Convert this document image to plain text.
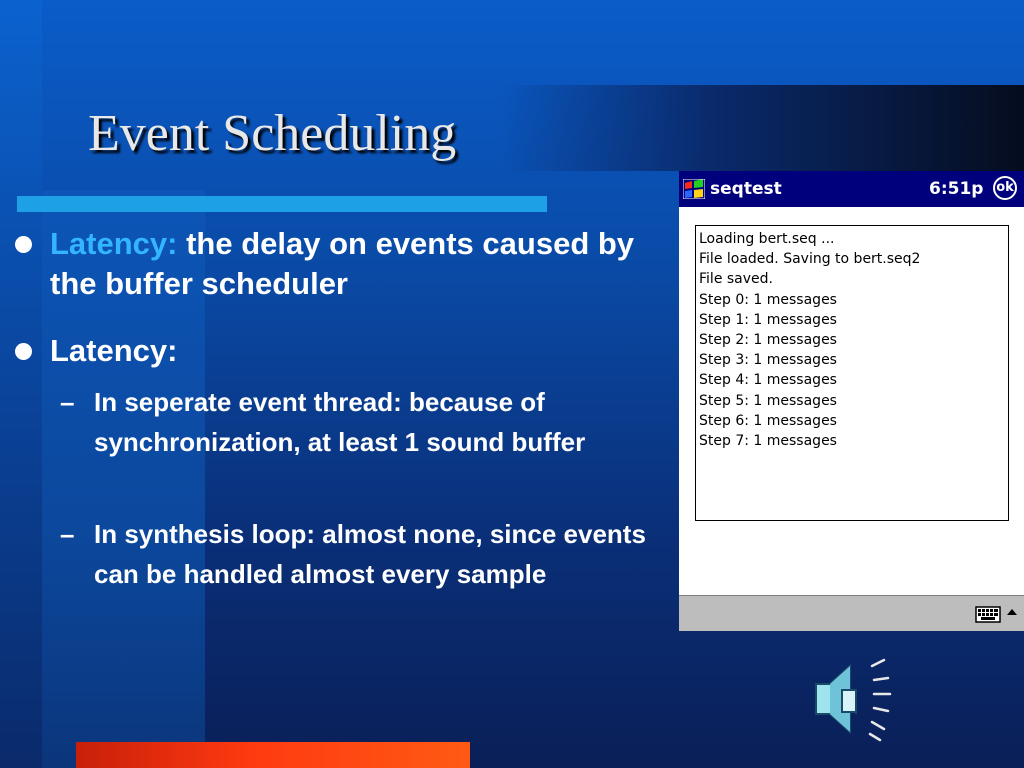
Event Scheduling
Latency: the delay on events caused by the buffer scheduler
Latency:
– In seperate event thread: because of synchronization, at least 1 sound buffer
– In synthesis loop: almost none, since events can be handled almost every sample
seqtest	6:51p ok
Loading bert.seq ...
File loaded. Saving to bert.seq2
File saved.
Step 0: 1 messages
Step 1: 1 messages
Step 2: 1 messages
Step 3: 1 messages
Step 4: 1 messages
Step 5: 1 messages
Step 6: 1 messages
Step 7: 1 messages
